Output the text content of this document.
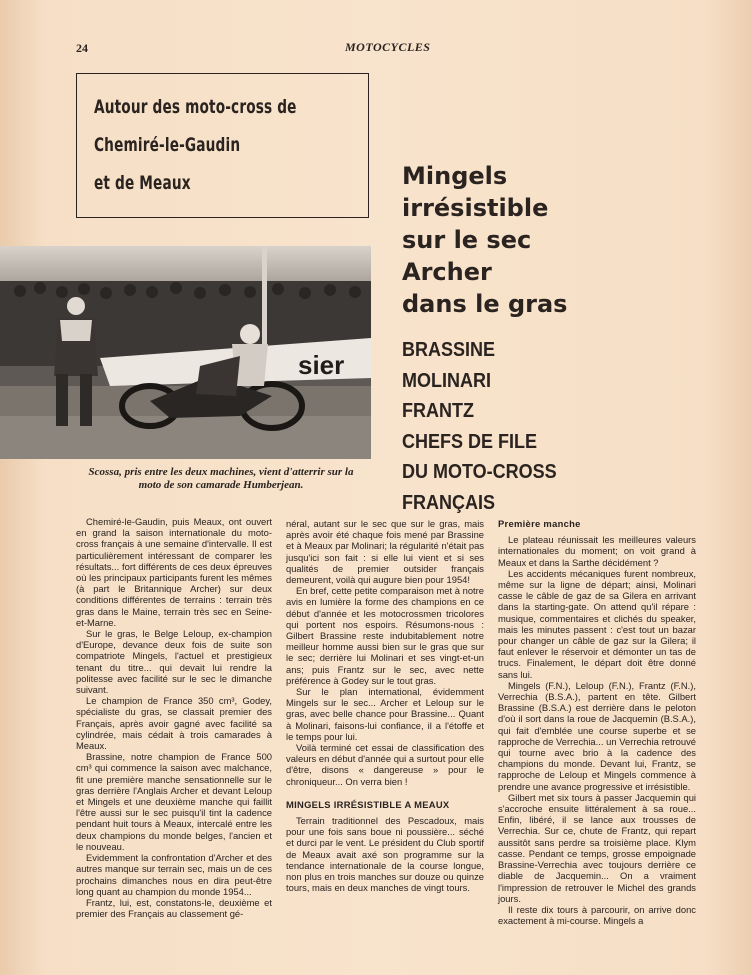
24	MOTOCYCLES
Autour des moto-cross de
Chemiré-le-Gaudin
et de Meaux	Mingels
irrésistible
sur le sec
Archer
dans le gras
BRASSINE
MOLINARI
FRANTZ
CHEFS DE FILE
DU MOTO-CROSS
FRANÇAIS
sier
Scossa, pris entre les deux machines, vient d'atterrir sur la moto de son camarade Humberjean.

Chemiré-le-Gaudin, puis Meaux, ont ouvert en grand la saison internationale du moto-cross français à une semaine d'intervalle. Il est particulièrement intéressant de comparer les résultats... fort différents de ces deux épreuves où les principaux participants furent les mêmes (à part le Britannique Archer) sur deux conditions différentes de terrains : terrain très gras dans le Maine, terrain très sec en Seine-et-Marne.

Sur le gras, le Belge Leloup, ex-champion d'Europe, devance deux fois de suite son compatriote Mingels, l'actuel et prestigieux tenant du titre... qui devait lui rendre la politesse avec facilité sur le sec le dimanche suivant.

Le champion de France 350 cm³, Godey, spécialiste du gras, se classait premier des Français, après avoir gagné avec facilité sa cylindrée, mais cédait à trois camarades à Meaux.

Brassine, notre champion de France 500 cm³ qui commence la saison avec malchance, fit une première manche sensationnelle sur le gras derrière l'Anglais Archer et devant Leloup et Mingels et une deuxième manche qui faillit l'être aussi sur le sec puisqu'il tint la cadence pendant huit tours à Meaux, intercalé entre les deux champions du monde belges, l'ancien et le nouveau.

Evidemment la confrontation d'Archer et des autres manque sur terrain sec, mais un de ces prochains dimanches nous en dira peut-être long quant au champion du monde 1954...

Frantz, lui, est, constatons-le, deuxième et premier des Français au classement gé-

néral, autant sur le sec que sur le gras, mais après avoir été chaque fois mené par Brassine et à Meaux par Molinari; la régularité n'était pas jusqu'ici son fait : si elle lui vient et si ses qualités de premier outsider français demeurent, voilà qui augure bien pour 1954!

En bref, cette petite comparaison met à notre avis en lumière la forme des champions en ce début d'année et les motocrossmen tricolores qui portent nos espoirs. Résumons-nous : Gilbert Brassine reste indubitablement notre meilleur homme aussi bien sur le gras que sur le sec; derrière lui Molinari et ses vingt-et-un ans; puis Frantz sur le sec, avec nette préférence à Godey sur le tout gras.

Sur le plan international, évidemment Mingels sur le sec... Archer et Leloup sur le gras, avec belle chance pour Brassine... Quant à Molinari, faisons-lui confiance, il a l'étoffe et le temps pour lui.

Voilà terminé cet essai de classification des valeurs en début d'année qui a surtout pour elle d'être, disons « dangereuse » pour le chroniqueur... On verra bien !

MINGELS IRRÉSISTIBLE A MEAUX

Terrain traditionnel des Pescadoux, mais pour une fois sans boue ni poussière... séché et durci par le vent. Le président du Club sportif de Meaux avait axé son programme sur la tendance internationale de la course longue, non plus en trois manches sur douze ou quinze tours, mais en deux manches de vingt tours.

Première manche

Le plateau réunissait les meilleures valeurs internationales du moment; on voit grand à Meaux et dans la Sarthe décidément ?

Les accidents mécaniques furent nombreux, même sur la ligne de départ; ainsi, Molinari casse le câble de gaz de sa Gilera en arrivant dans la starting-gate. On attend qu'il répare : musique, commentaires et clichés du speaker, mais les minutes passent : c'est tout un bazar pour changer un câble de gaz sur la Gilera; il faut enlever le réservoir et démonter un tas de trucs. Finalement, le départ doit être donné sans lui.

Mingels (F.N.), Leloup (F.N.), Frantz (F.N.), Verrechia (B.S.A.), partent en tête. Gilbert Brassine (B.S.A.) est derrière dans le peloton d'où il sort dans la roue de Jacquemin (B.S.A.), qui fait d'emblée une course superbe et se rapproche de Verrechia... un Verrechia retrouvé qui tourne avec brio à la cadence des champions du monde. Devant lui, Frantz, se rapproche de Leloup et Mingels commence à prendre une avance progressive et irrésistible.

Gilbert met six tours à passer Jacquemin qui s'accroche ensuite littéralement à sa roue... Enfin, libéré, il se lance aux trousses de Verrechia. Sur ce, chute de Frantz, qui repart aussitôt sans perdre sa troisième place. Klym casse. Pendant ce temps, grosse empoignade Brassine-Verrechia avec toujours derrière ce diable de Jacquemin... On a vraiment l'impression de retrouver le Michel des grands jours.

Il reste dix tours à parcourir, on arrive donc exactement à mi-course. Mingels a
